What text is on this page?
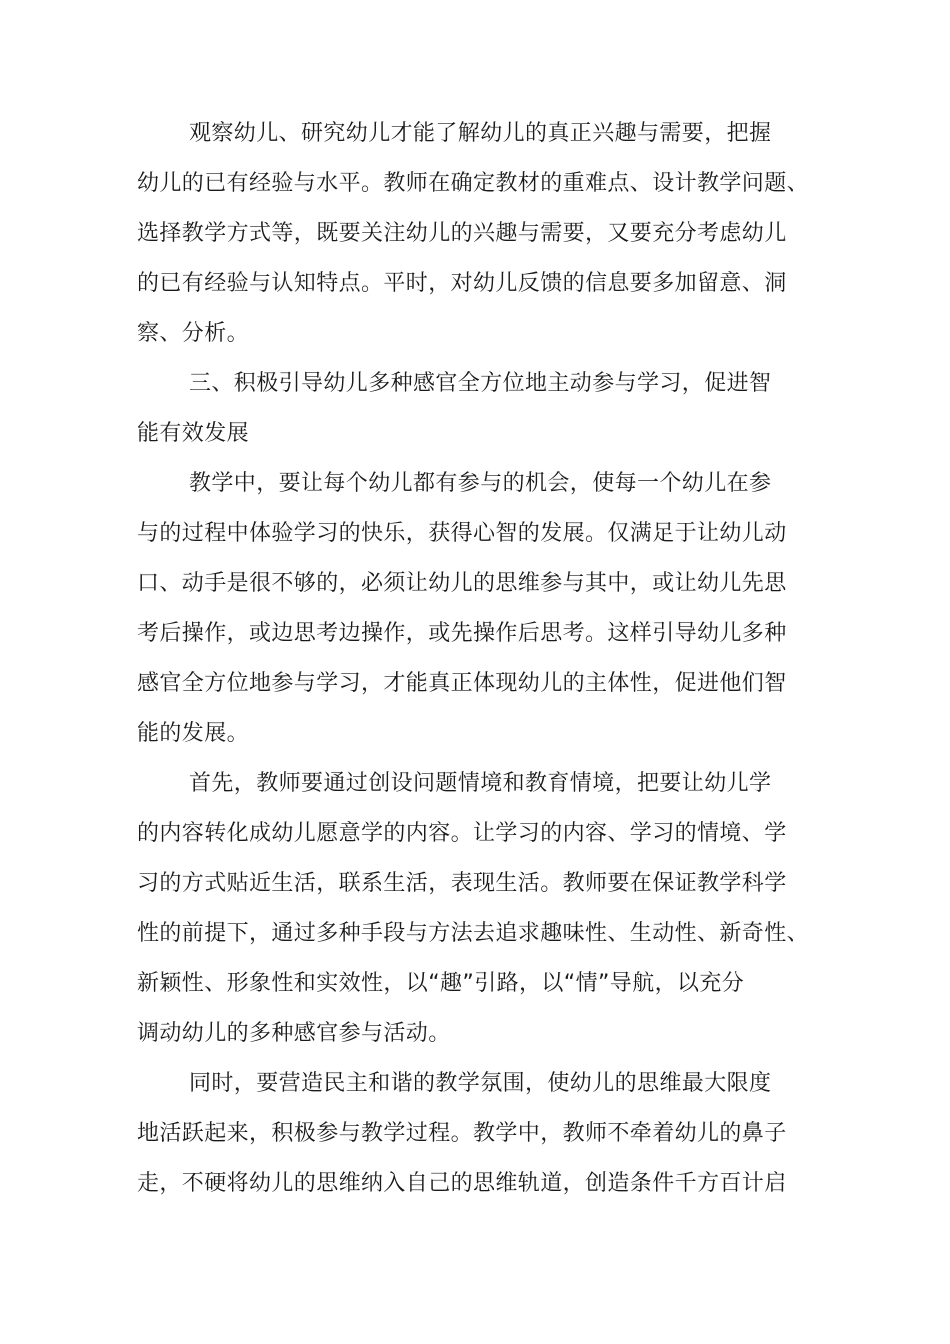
观察幼儿、研究幼儿才能了解幼儿的真正兴趣与需要，把握
幼儿的已有经验与水平。教师在确定教材的重难点、设计教学问题、
选择教学方式等，既要关注幼儿的兴趣与需要，又要充分考虑幼儿
的已有经验与认知特点。平时，对幼儿反馈的信息要多加留意、洞
察、分析。
三、积极引导幼儿多种感官全方位地主动参与学习，促进智
能有效发展
教学中，要让每个幼儿都有参与的机会，使每一个幼儿在参
与的过程中体验学习的快乐，获得心智的发展。仅满足于让幼儿动
口、动手是很不够的，必须让幼儿的思维参与其中，或让幼儿先思
考后操作，或边思考边操作，或先操作后思考。这样引导幼儿多种
感官全方位地参与学习，才能真正体现幼儿的主体性，促进他们智
能的发展。
首先，教师要通过创设问题情境和教育情境，把要让幼儿学
的内容转化成幼儿愿意学的内容。让学习的内容、学习的情境、学
习的方式贴近生活，联系生活，表现生活。教师要在保证教学科学
性的前提下，通过多种手段与方法去追求趣味性、生动性、新奇性、
新颖性、形象性和实效性，以“趣”引路，以“情”导航，以充分
调动幼儿的多种感官参与活动。
同时，要营造民主和谐的教学氛围，使幼儿的思维最大限度
地活跃起来，积极参与教学过程。教学中，教师不牵着幼儿的鼻子
走，不硬将幼儿的思维纳入自己的思维轨道，创造条件千方百计启
